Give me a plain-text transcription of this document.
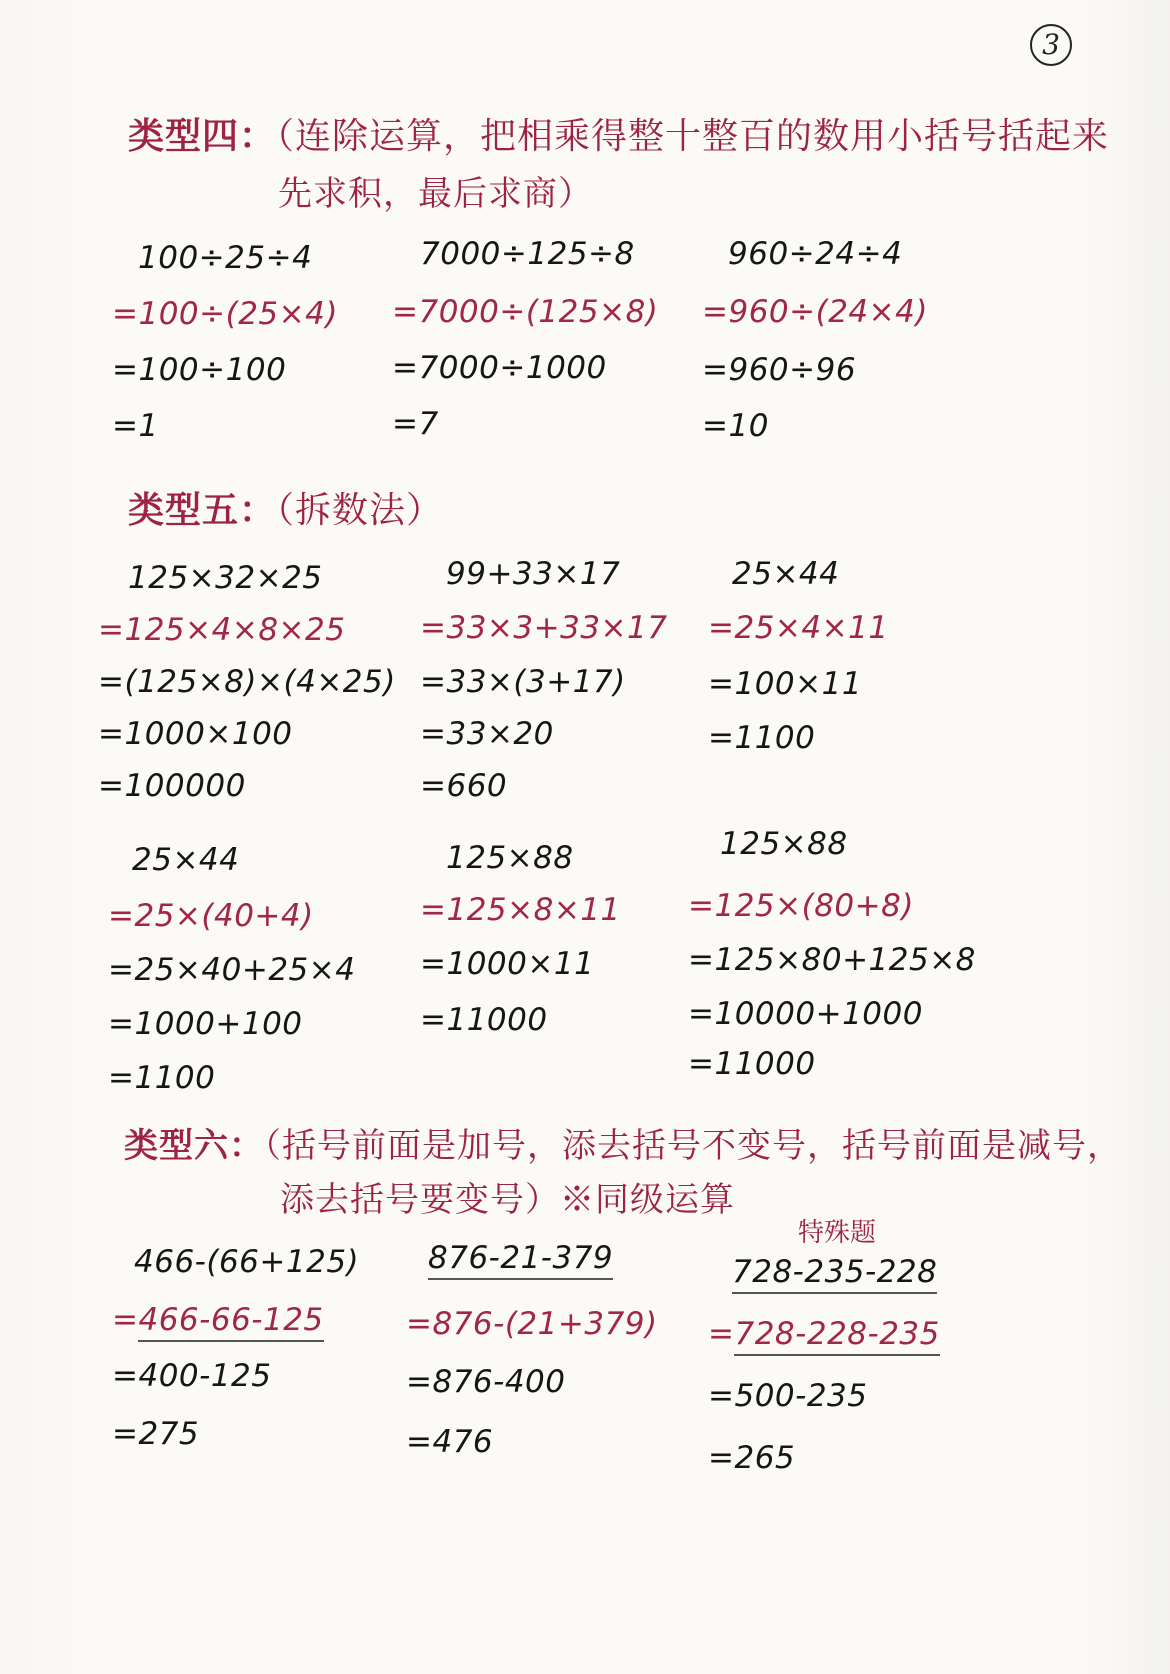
3
类型四：（连除运算，把相乘得整十整百的数用小括号括起来
先求积，最后求商）
100÷25÷4
=100÷(25×4)
=100÷100
=1
7000÷125÷8
=7000÷(125×8)
=7000÷1000
=7
960÷24÷4
=960÷(24×4)
=960÷96
=10
类型五：（拆数法）
125×32×25
=125×4×8×25
=(125×8)×(4×25)
=1000×100
=100000
99+33×17
=33×3+33×17
=33×(3+17)
=33×20
=660
25×44
=25×4×11
=100×11
=1100
25×44
=25×(40+4)
=25×40+25×4
=1000+100
=1100
125×88
=125×8×11
=1000×11
=11000
125×88
=125×(80+8)
=125×80+125×8
=10000+1000
=11000
类型六：（括号前面是加号，添去括号不变号，括号前面是减号，
添去括号要变号）※同级运算
特殊题
466-(66+125)
=466-66-125
=400-125
=275
876-21-379
=876-(21+379)
=876-400
=476
728-235-228
=728-228-235
=500-235
=265
